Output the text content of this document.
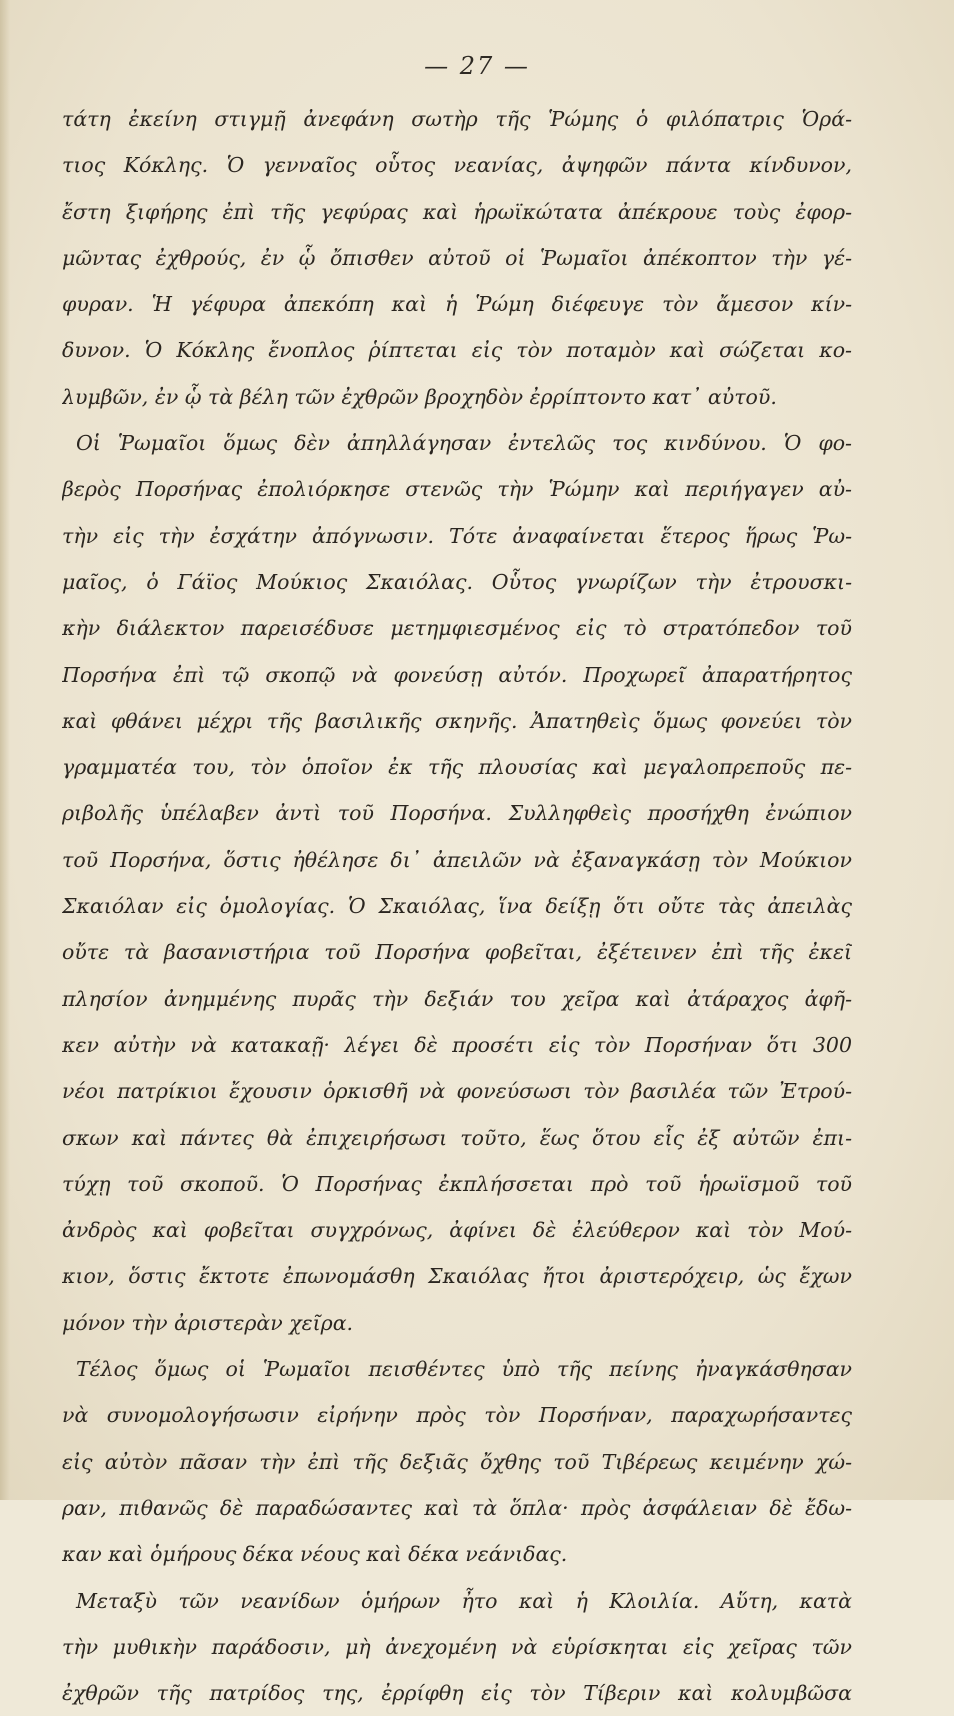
— 27 —
τάτη ἐκείνη στιγμῇ ἀνεφάνη σωτὴρ τῆς Ῥώμης ὁ φιλόπατρις Ὁρά-
τιος Κόκλης. Ὁ γενναῖος οὗτος νεανίας, ἀψηφῶν πάντα κίνδυνον,
ἔστη ξιφήρης ἐπὶ τῆς γεφύρας καὶ ἡρωϊκώτατα ἀπέκρουε τοὺς ἐφορ-
μῶντας ἐχθρούς, ἐν ᾧ ὄπισθεν αὐτοῦ οἱ Ῥωμαῖοι ἀπέκοπτον τὴν γέ-
φυραν. Ἡ γέφυρα ἀπεκόπη καὶ ἡ Ῥώμη διέφευγε τὸν ἄμεσον κίν-
δυνον. Ὁ Κόκλης ἔνοπλος ῥίπτεται εἰς τὸν ποταμὸν καὶ σώζεται κο-
λυμβῶν, ἐν ᾧ τὰ βέλη τῶν ἐχθρῶν βροχηδὸν ἐρρίπτοντο κατ᾽ αὐτοῦ.
Οἱ Ῥωμαῖοι ὅμως δὲν ἀπηλλάγησαν ἐντελῶς τος κινδύνου. Ὁ φο-
βερὸς Πορσήνας ἐπολιόρκησε στενῶς τὴν Ῥώμην καὶ περιήγαγεν αὐ-
τὴν εἰς τὴν ἐσχάτην ἀπόγνωσιν. Τότε ἀναφαίνεται ἕτερος ἥρως Ῥω-
μαῖος, ὁ Γάϊος Μούκιος Σκαιόλας. Οὗτος γνωρίζων τὴν ἐτρουσκι-
κὴν διάλεκτον παρεισέδυσε μετημφιεσμένος εἰς τὸ στρατόπεδον τοῦ
Πορσήνα ἐπὶ τῷ σκοπῷ νὰ φονεύσῃ αὐτόν. Προχωρεῖ ἀπαρατήρητος
καὶ φθάνει μέχρι τῆς βασιλικῆς σκηνῆς. Ἀπατηθεὶς ὅμως φονεύει τὸν
γραμματέα του, τὸν ὁποῖον ἐκ τῆς πλουσίας καὶ μεγαλοπρεποῦς πε-
ριβολῆς ὑπέλαβεν ἀντὶ τοῦ Πορσήνα. Συλληφθεὶς προσήχθη ἐνώπιον
τοῦ Πορσήνα, ὅστις ἠθέλησε δι᾽ ἀπειλῶν νὰ ἐξαναγκάσῃ τὸν Μούκιον
Σκαιόλαν εἰς ὁμολογίας. Ὁ Σκαιόλας, ἵνα δείξῃ ὅτι οὔτε τὰς ἀπειλὰς
οὔτε τὰ βασανιστήρια τοῦ Πορσήνα φοβεῖται, ἐξέτεινεν ἐπὶ τῆς ἐκεῖ
πλησίον ἀνημμένης πυρᾶς τὴν δεξιάν του χεῖρα καὶ ἀτάραχος ἀφῆ-
κεν αὐτὴν νὰ κατακαῇ· λέγει δὲ προσέτι εἰς τὸν Πορσήναν ὅτι 300
νέοι πατρίκιοι ἔχουσιν ὁρκισθῆ νὰ φονεύσωσι τὸν βασιλέα τῶν Ἐτρού-
σκων καὶ πάντες θὰ ἐπιχειρήσωσι τοῦτο, ἕως ὅτου εἷς ἐξ αὐτῶν ἐπι-
τύχῃ τοῦ σκοποῦ. Ὁ Πορσήνας ἐκπλήσσεται πρὸ τοῦ ἡρωϊσμοῦ τοῦ
ἀνδρὸς καὶ φοβεῖται συγχρόνως, ἀφίνει δὲ ἐλεύθερον καὶ τὸν Μού-
κιον, ὅστις ἔκτοτε ἐπωνομάσθη Σκαιόλας ἤτοι ἀριστερόχειρ, ὡς ἔχων
μόνον τὴν ἀριστερὰν χεῖρα.
Τέλος ὅμως οἱ Ῥωμαῖοι πεισθέντες ὑπὸ τῆς πείνης ἠναγκάσθησαν
νὰ συνομολογήσωσιν εἰρήνην πρὸς τὸν Πορσήναν, παραχωρήσαντες
εἰς αὐτὸν πᾶσαν τὴν ἐπὶ τῆς δεξιᾶς ὄχθης τοῦ Τιβέρεως κειμένην χώ-
ραν, πιθανῶς δὲ παραδώσαντες καὶ τὰ ὅπλα· πρὸς ἀσφάλειαν δὲ ἔδω-
καν καὶ ὁμήρους δέκα νέους καὶ δέκα νεάνιδας.
Μεταξὺ τῶν νεανίδων ὁμήρων ἦτο καὶ ἡ Κλοιλία. Αὕτη, κατὰ
τὴν μυθικὴν παράδοσιν, μὴ ἀνεχομένη νὰ εὑρίσκηται εἰς χεῖρας τῶν
ἐχθρῶν τῆς πατρίδος της, ἐρρίφθη εἰς τὸν Τίβεριν καὶ κολυμβῶσα
